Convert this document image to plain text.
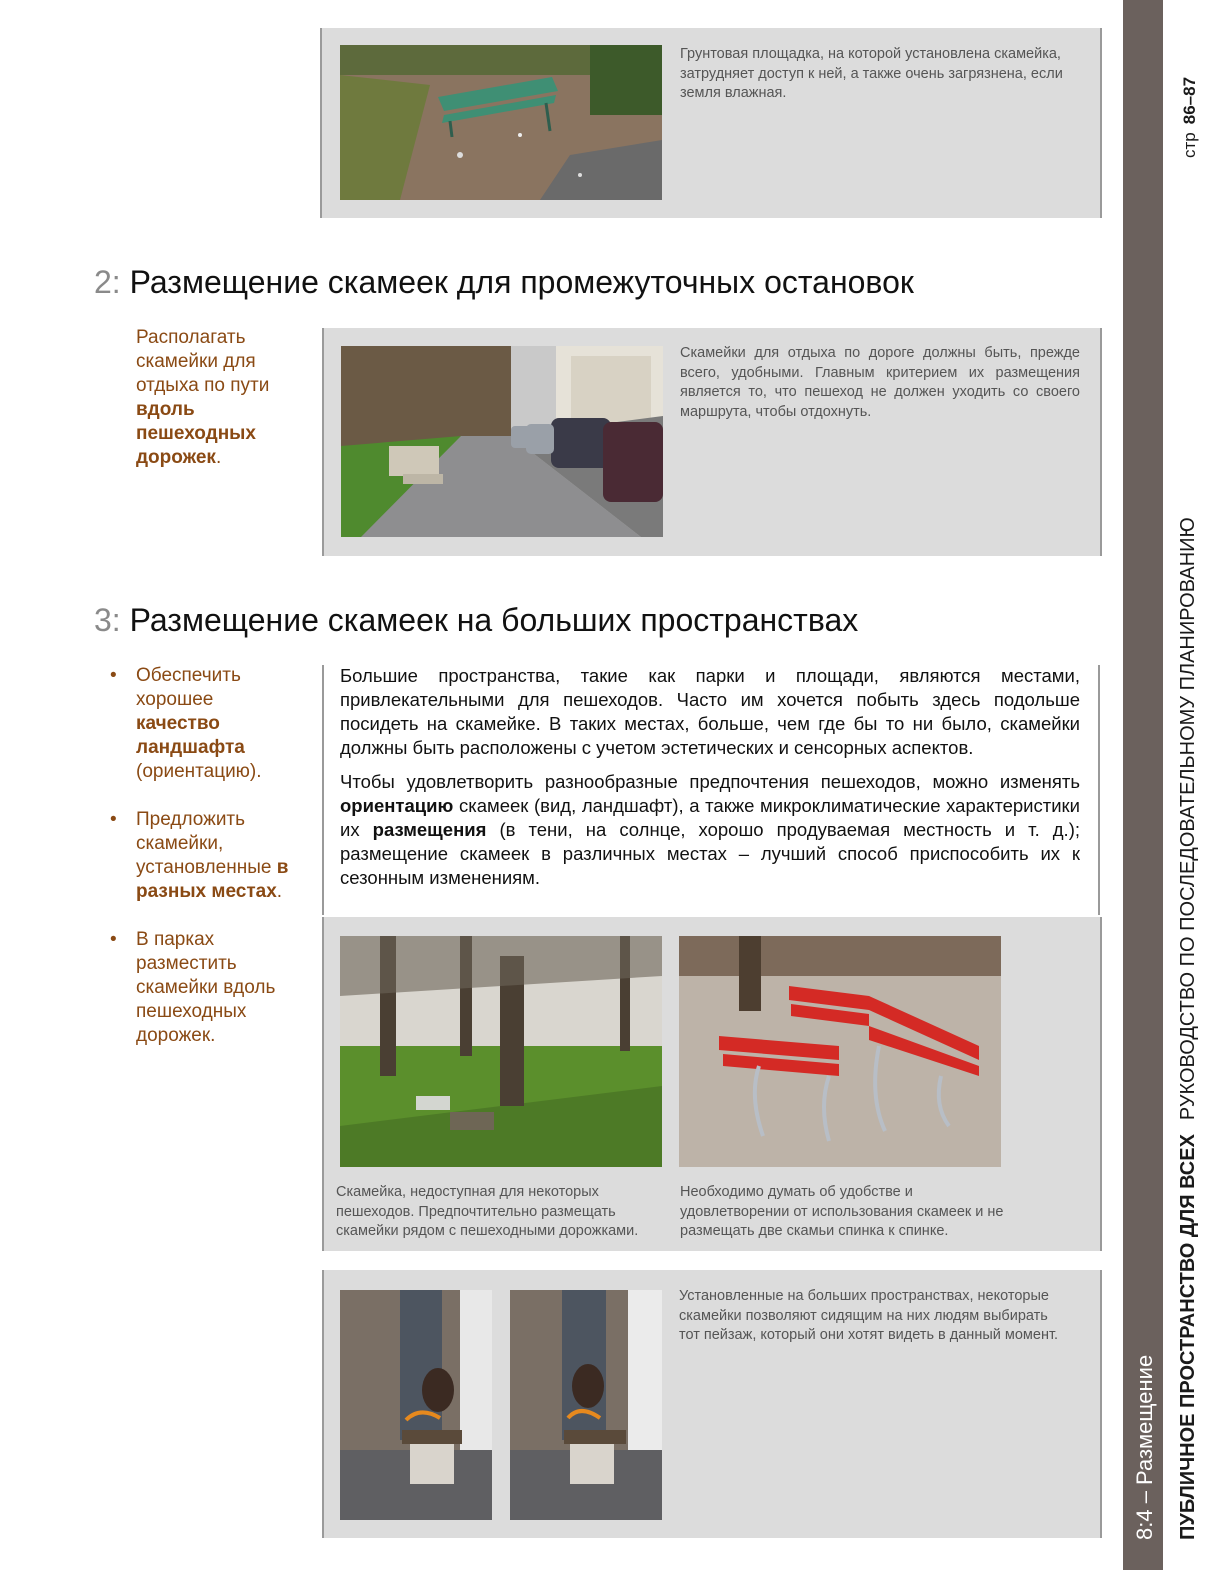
8:4 – Размещение ПУБЛИЧНОЕ ПРОСТРАНСТВО ДЛЯ ВСЕХРУКОВОДСТВО ПО ПОСЛЕДОВАТЕЛЬНОМУ ПЛАНИРОВАНИЮ
стр86–87
Грунтовая площадка, на которой установлена скамейка, затрудняет доступ к ней, а также очень загрязнена, если земля влажная.
2: Размещение скамеек для промежуточных остановок
Располагать скамейки для отдыха по пути вдоль пешеходных дорожек.
Скамейки для отдыха по дороге должны быть, прежде всего, удобными. Главным критерием их размещения является то, что пешеход не должен уходить со своего маршрута, чтобы отдохнуть.
3: Размещение скамеек на больших пространствах
• Обеспечить хорошее качество ландшафта (ориентацию).
• Предложить скамейки, установленные в разных местах.
• В парках разместить скамейки вдоль пешеходных дорожек.

Большие пространства, такие как парки и площади, являются местами, привлекательными для пешеходов. Часто им хочется побыть здесь подольше посидеть на скамейке. В таких местах, больше, чем где бы то ни было, скамейки должны быть расположены с учетом эстетических и сенсорных аспектов.

Чтобы удовлетворить разнообразные предпочтения пешеходов, можно изменять ориентацию скамеек (вид, ландшафт), а также микроклиматические характеристики их размещения (в тени, на солнце, хорошо продуваемая местность и т. д.); размещение скамеек в различных местах – лучший способ приспособить их к сезонным изменениям.

Скамейка, недоступная для некоторых пешеходов. Предпочтительно размещать скамейки рядом с пешеходными дорожками.
Необходимо думать об удобстве и удовлетворении от использования скамеек и не размещать две скамьи спинка к спинке.
Установленные на больших пространствах, некоторые скамейки позволяют сидящим на них людям выбирать тот пейзаж, который они хотят видеть в данный момент.
